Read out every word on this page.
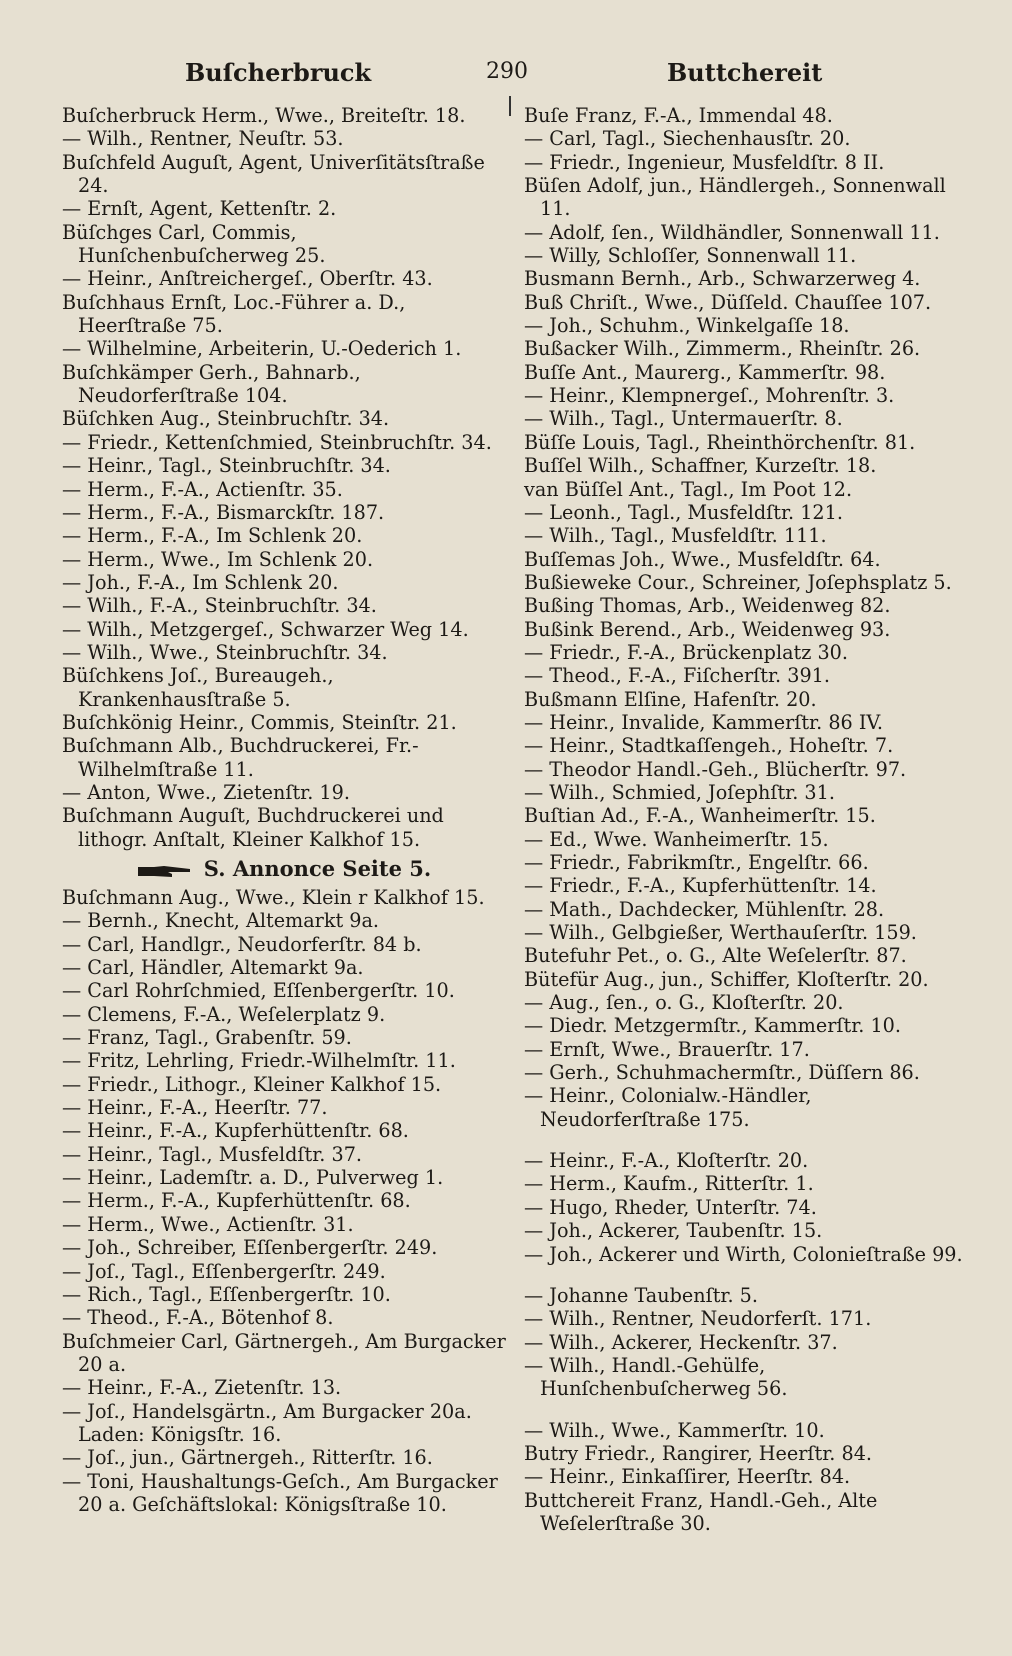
Buſcherbruck	290	Buttchereit
Buſcherbruck Herm., Wwe., Breiteſtr. 18.
— Wilh., Rentner, Neuſtr. 53.
Buſchfeld Auguſt, Agent, Univerſitätsſtraße 24.
— Ernſt, Agent, Kettenſtr. 2.
Büſchges Carl, Commis, Hunſchenbuſcherweg 25.
— Heinr., Anſtreichergeſ., Oberſtr. 43.
Buſchhaus Ernſt, Loc.-Führer a. D., Heerſtraße 75.
— Wilhelmine, Arbeiterin, U.-Oederich 1.
Buſchkämper Gerh., Bahnarb., Neudorferſtraße 104.
Büſchken Aug., Steinbruchſtr. 34.
— Friedr., Kettenſchmied, Steinbruchſtr. 34.
— Heinr., Tagl., Steinbruchſtr. 34.
— Herm., F.-A., Actienſtr. 35.
— Herm., F.-A., Bismarckſtr. 187.
— Herm., F.-A., Im Schlenk 20.
— Herm., Wwe., Im Schlenk 20.
— Joh., F.-A., Im Schlenk 20.
— Wilh., F.-A., Steinbruchſtr. 34.
— Wilh., Metzgergeſ., Schwarzer Weg 14.
— Wilh., Wwe., Steinbruchſtr. 34.
Büſchkens Joſ., Bureaugeh., Krankenhausſtraße 5.
Buſchkönig Heinr., Commis, Steinſtr. 21.
Buſchmann Alb., Buchdruckerei, Fr.-Wilhelmſtraße 11.
— Anton, Wwe., Zietenſtr. 19.
Buſchmann Auguſt, Buchdruckerei und lithogr. Anſtalt, Kleiner Kalkhof 15.
S. Annonce Seite 5.
Buſchmann Aug., Wwe., Klein r Kalkhof 15.
— Bernh., Knecht, Altemarkt 9a.
— Carl, Handlgr., Neudorferſtr. 84 b.
— Carl, Händler, Altemarkt 9a.
— Carl Rohrſchmied, Eſſenbergerſtr. 10.
— Clemens, F.-A., Weſelerplatz 9.
— Franz, Tagl., Grabenſtr. 59.
— Fritz, Lehrling, Friedr.-Wilhelmſtr. 11.
— Friedr., Lithogr., Kleiner Kalkhof 15.
— Heinr., F.-A., Heerſtr. 77.
— Heinr., F.-A., Kupferhüttenſtr. 68.
— Heinr., Tagl., Musfeldſtr. 37.
— Heinr., Lademſtr. a. D., Pulverweg 1.
— Herm., F.-A., Kupferhüttenſtr. 68.
— Herm., Wwe., Actienſtr. 31.
— Joh., Schreiber, Eſſenbergerſtr. 249.
— Joſ., Tagl., Eſſenbergerſtr. 249.
— Rich., Tagl., Eſſenbergerſtr. 10.
— Theod., F.-A., Bötenhof 8.
Buſchmeier Carl, Gärtnergeh., Am Burgacker 20 a.
— Heinr., F.-A., Zietenſtr. 13.
— Joſ., Handelsgärtn., Am Burgacker 20a. Laden: Königsſtr. 16.
— Joſ., jun., Gärtnergeh., Ritterſtr. 16.
— Toni, Haushaltungs-Geſch., Am Burgacker 20 a. Geſchäftslokal: Königsſtraße 10.
Buſe Franz, F.-A., Immendal 48.
— Carl, Tagl., Siechenhausſtr. 20.
— Friedr., Ingenieur, Musfeldſtr. 8 II.
Büſen Adolf, jun., Händlergeh., Sonnenwall 11.
— Adolf, ſen., Wildhändler, Sonnenwall 11.
— Willy, Schloſſer, Sonnenwall 11.
Busmann Bernh., Arb., Schwarzerweg 4.
Buß Chriſt., Wwe., Düſſeld. Chauſſee 107.
— Joh., Schuhm., Winkelgaſſe 18.
Bußacker Wilh., Zimmerm., Rheinſtr. 26.
Buſſe Ant., Maurerg., Kammerſtr. 98.
— Heinr., Klempnergeſ., Mohrenſtr. 3.
— Wilh., Tagl., Untermauerſtr. 8.
Büſſe Louis, Tagl., Rheinthörchenſtr. 81.
Buſſel Wilh., Schaffner, Kurzeſtr. 18.
van Büſſel Ant., Tagl., Im Poot 12.
— Leonh., Tagl., Musfeldſtr. 121.
— Wilh., Tagl., Musfeldſtr. 111.
Buſſemas Joh., Wwe., Musfeldſtr. 64.
Bußieweke Cour., Schreiner, Joſephsplatz 5.
Bußing Thomas, Arb., Weidenweg 82.
Bußink Berend., Arb., Weidenweg 93.
— Friedr., F.-A., Brückenplatz 30.
— Theod., F.-A., Fiſcherſtr. 391.
Bußmann Elſine, Hafenſtr. 20.
— Heinr., Invalide, Kammerſtr. 86 IV.
— Heinr., Stadtkaſſengeh., Hoheſtr. 7.
— Theodor Handl.-Geh., Blücherſtr. 97.
— Wilh., Schmied, Joſephſtr. 31.
Buſtian Ad., F.-A., Wanheimerſtr. 15.
— Ed., Wwe. Wanheimerſtr. 15.
— Friedr., Fabrikmſtr., Engelſtr. 66.
— Friedr., F.-A., Kupferhüttenſtr. 14.
— Math., Dachdecker, Mühlenſtr. 28.
— Wilh., Gelbgießer, Werthauſerſtr. 159.
Butefuhr Pet., o. G., Alte Weſelerſtr. 87.
Bütefür Aug., jun., Schiffer, Kloſterſtr. 20.
— Aug., ſen., o. G., Kloſterſtr. 20.
— Diedr. Metzgermſtr., Kammerſtr. 10.
— Ernſt, Wwe., Brauerſtr. 17.
— Gerh., Schuhmachermſtr., Düſſern 86.
— Heinr., Colonialw.-Händler, Neudorferſtraße 175.
— Heinr., F.-A., Kloſterſtr. 20.
— Herm., Kaufm., Ritterſtr. 1.
— Hugo, Rheder, Unterſtr. 74.
— Joh., Ackerer, Taubenſtr. 15.
— Joh., Ackerer und Wirth, Colonieſtraße 99.
— Johanne Taubenſtr. 5.
— Wilh., Rentner, Neudorferſt. 171.
— Wilh., Ackerer, Heckenſtr. 37.
— Wilh., Handl.-Gehülfe, Hunſchenbuſcherweg 56.
— Wilh., Wwe., Kammerſtr. 10.
Butry Friedr., Rangirer, Heerſtr. 84.
— Heinr., Einkaſſirer, Heerſtr. 84.
Buttchereit Franz, Handl.-Geh., Alte Weſelerſtraße 30.
